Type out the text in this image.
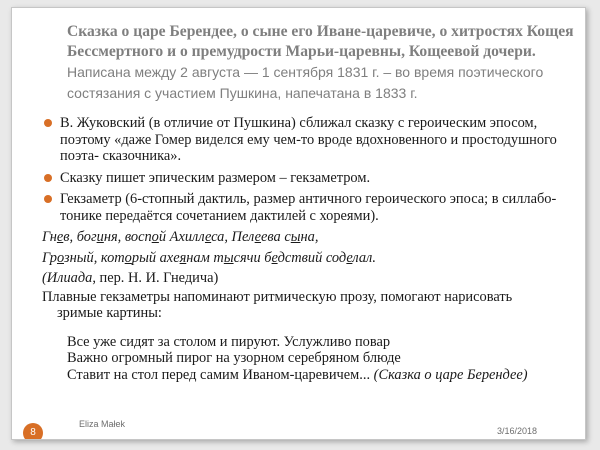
Сказка о царе Берендее, о сыне его Иване-царевиче, о хитростях Кощея Бессмертного и о премудрости Марьи-царевны, Кощеевой дочери. Написана между 2 августа — 1 сентября 1831 г. – во время поэтического состязания с участием Пушкина, напечатана в 1833 г.
В. Жуковский (в отличие от Пушкина) сближал сказку с героическим эпосом, поэтому «даже Гомер виделся ему чем-то вроде вдохновенного и простодушного поэта- сказочника».
Сказку пишет эпическим размером – гекзаметром.
Гекзаметр (6-стопный дактиль, размер античного героического эпоса; в силлабо-тонике передаётся сочетанием дактилей с хореями).
Гнев, богиня, воспой Ахиллеса, Пелеева сына,
Грозный, который ахеянам тысячи бедствий соделал.
(Илиада, пер. Н. И. Гнедича)
Плавные гекзаметры напоминают ритмическую прозу, помогают нарисовать
зримые картины:
Все уже сидят за столом и пируют. Услужливо повар
Важно огромный пирог на узорном серебряном блюде
Ставит на стол перед самим Иваном-царевичем... (Сказка о царе Берендее)
8
Eliza Małek
3/16/2018
